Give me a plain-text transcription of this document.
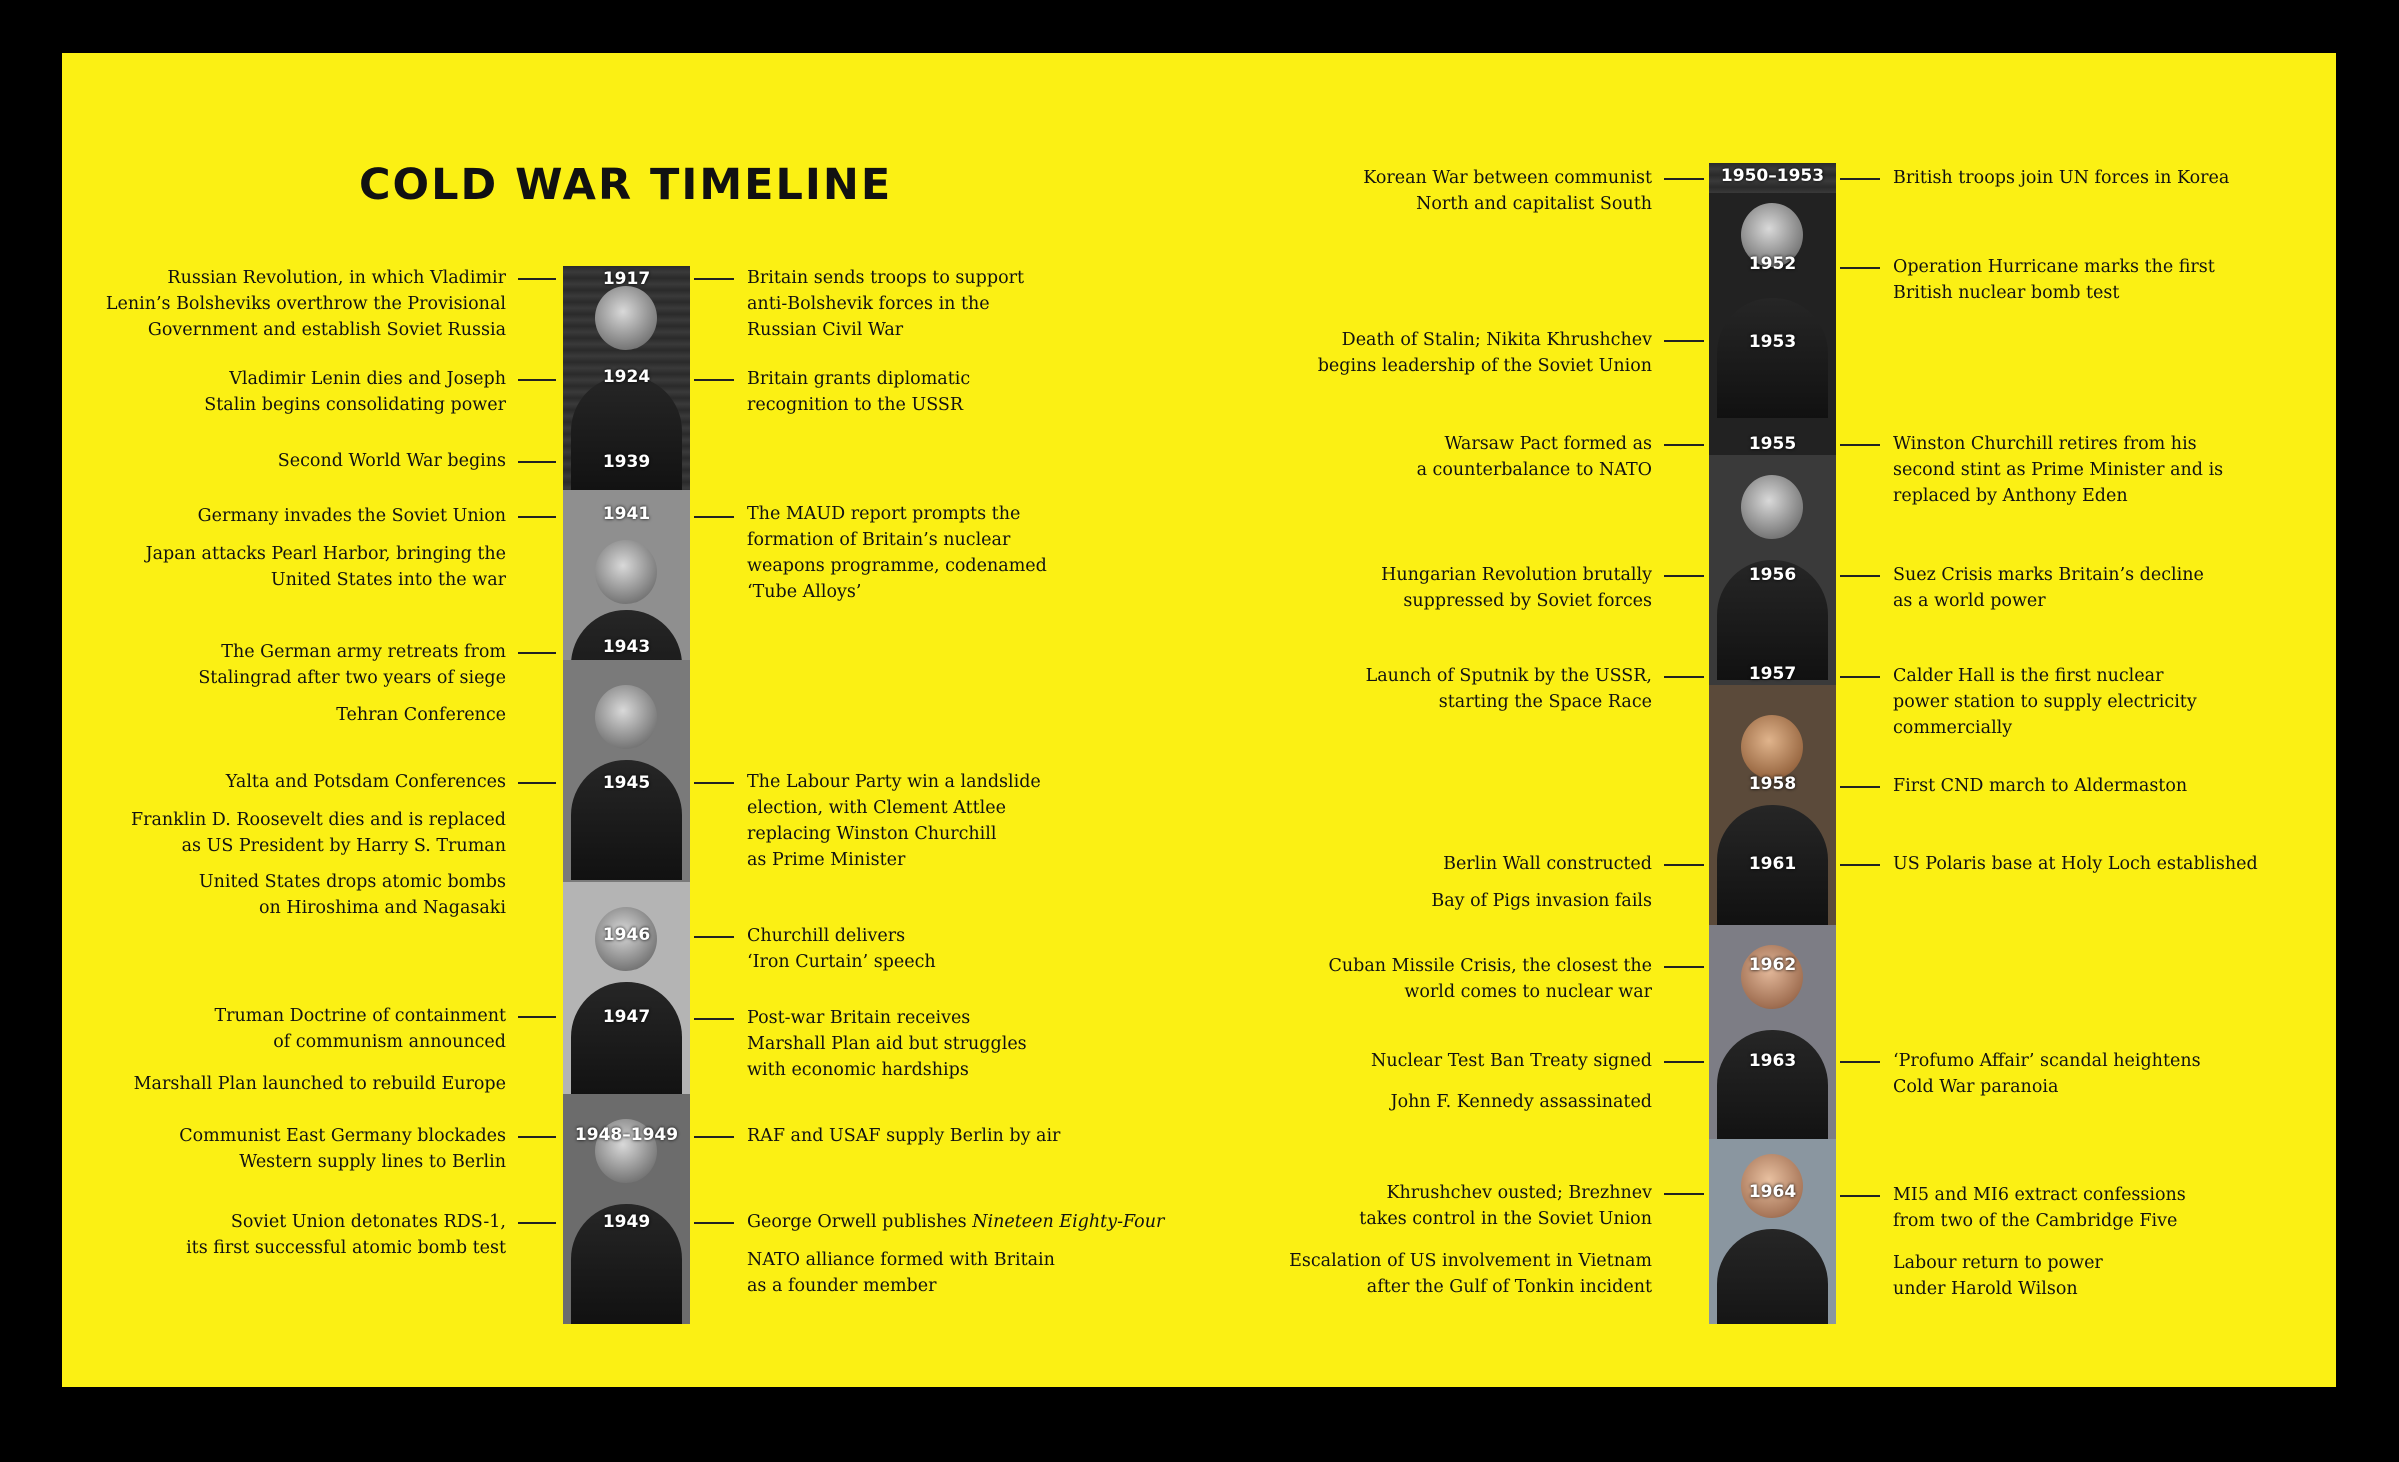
COLD WAR TIMELINE
1917
1924
1939
1941
1943
1945
1946
1947
1948–1949
1949
1950–1953
1952
1953
1955
1956
1957
1958
1961
1962
1963
1964
Russian Revolution, in which Vladimir
Lenin’s Bolsheviks overthrow the Provisional
Government and establish Soviet Russia
Vladimir Lenin dies and Joseph
Stalin begins consolidating power
Second World War begins
Germany invades the Soviet Union
Japan attacks Pearl Harbor, bringing the
United States into the war
The German army retreats from
Stalingrad after two years of siege
Tehran Conference
Yalta and Potsdam Conferences
Franklin D. Roosevelt dies and is replaced
as US President by Harry S. Truman
United States drops atomic bombs
on Hiroshima and Nagasaki
Truman Doctrine of containment
of communism announced
Marshall Plan launched to rebuild Europe
Communist East Germany blockades
Western supply lines to Berlin
Soviet Union detonates RDS-1,
its first successful atomic bomb test
Britain sends troops to support
anti-Bolshevik forces in the
Russian Civil War
Britain grants diplomatic
recognition to the USSR
The MAUD report prompts the
formation of Britain’s nuclear
weapons programme, codenamed
‘Tube Alloys’
The Labour Party win a landslide
election, with Clement Attlee
replacing Winston Churchill
as Prime Minister
Churchill delivers
‘Iron Curtain’ speech
Post-war Britain receives
Marshall Plan aid but struggles
with economic hardships
RAF and USAF supply Berlin by air
George Orwell publishes Nineteen Eighty-Four
NATO alliance formed with Britain
as a founder member
Korean War between communist
North and capitalist South
Death of Stalin; Nikita Khrushchev
begins leadership of the Soviet Union
Warsaw Pact formed as
a counterbalance to NATO
Hungarian Revolution brutally
suppressed by Soviet forces
Launch of Sputnik by the USSR,
starting the Space Race
Berlin Wall constructed
Bay of Pigs invasion fails
Cuban Missile Crisis, the closest the
world comes to nuclear war
Nuclear Test Ban Treaty signed
John F. Kennedy assassinated
Khrushchev ousted; Brezhnev
takes control in the Soviet Union
Escalation of US involvement in Vietnam
after the Gulf of Tonkin incident
British troops join UN forces in Korea
Operation Hurricane marks the first
British nuclear bomb test
Winston Churchill retires from his
second stint as Prime Minister and is
replaced by Anthony Eden
Suez Crisis marks Britain’s decline
as a world power
Calder Hall is the first nuclear
power station to supply electricity
commercially
First CND march to Aldermaston
US Polaris base at Holy Loch established
‘Profumo Affair’ scandal heightens
Cold War paranoia
MI5 and MI6 extract confessions
from two of the Cambridge Five
Labour return to power
under Harold Wilson
